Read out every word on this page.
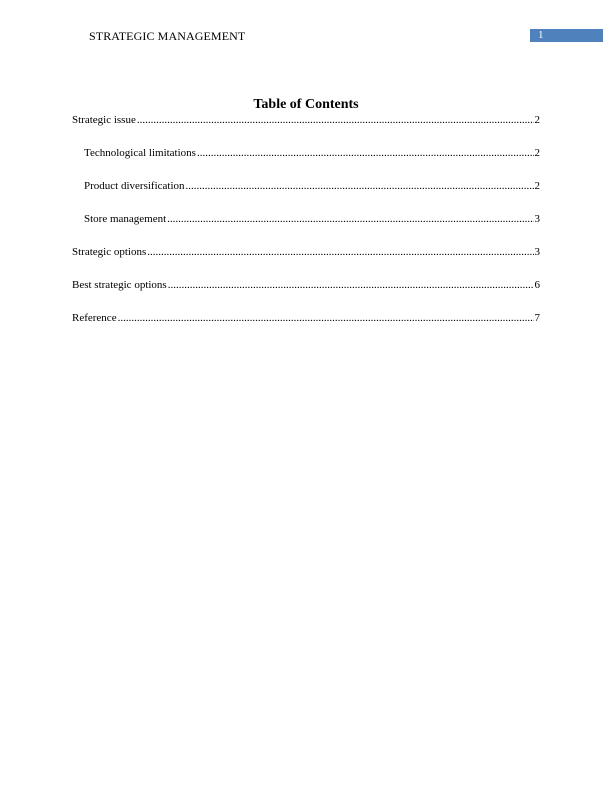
STRATEGIC MANAGEMENT	1
Table of Contents
Strategic issue .....	2
Technological limitations .....	2
Product diversification .....	2
Store management .....	3
Strategic options .....	3
Best strategic options .....	6
Reference .....	7
